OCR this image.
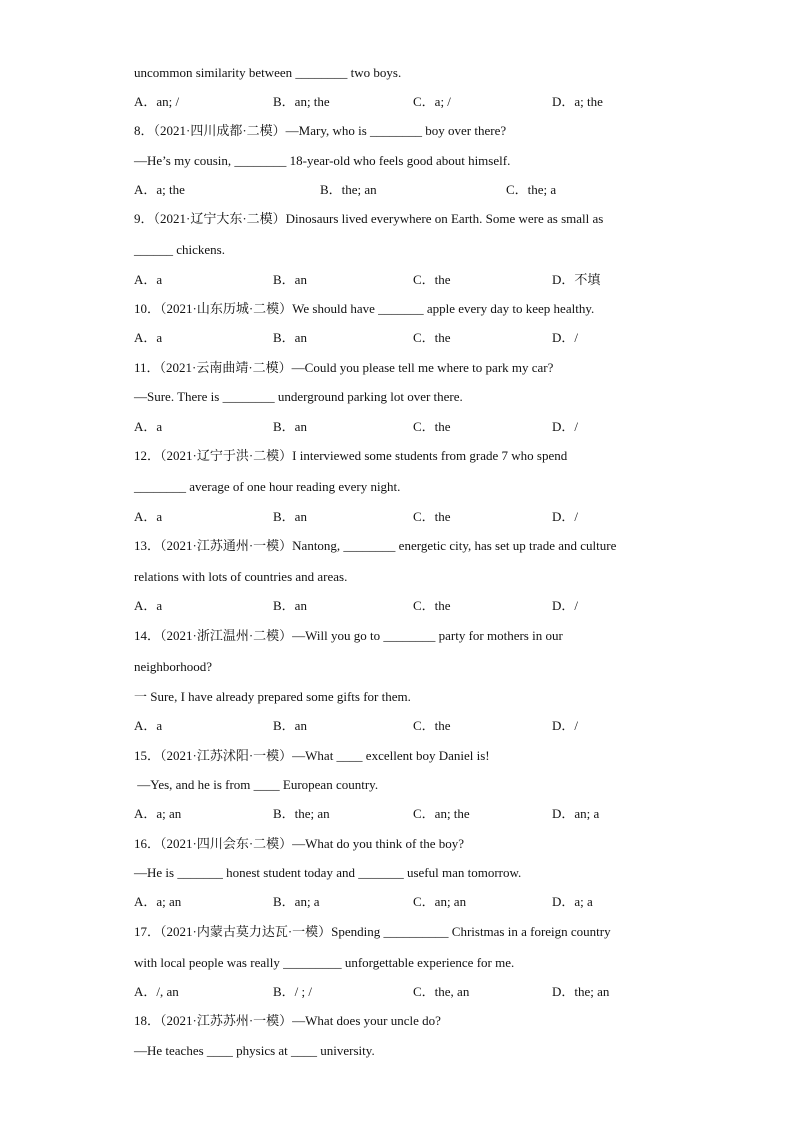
uncommon similarity between ________ two boys.
A．an; /	B．an; the	C．a; /	D．a; the
8．（2021·四川成都·二模）—Mary, who is ________ boy over there?
—He’s my cousin, ________ 18-year-old who feels good about himself.
A．a; the	B．the; an	C．the; a
9．（2021·辽宁大东·二模）Dinosaurs lived everywhere on Earth. Some were as small as
______ chickens.
A．a	B．an	C．the	D．不填
10．（2021·山东历城·二模）We should have _______ apple every day to keep healthy.
A．a	B．an	C．the	D．/
11．（2021·云南曲靖·二模）—Could you please tell me where to park my car?
—Sure. There is ________ underground parking lot over there.
A．a	B．an	C．the	D．/
12．（2021·辽宁于洪·二模）I interviewed some students from grade 7 who spend
________ average of one hour reading every night.
A．a	B．an	C．the	D．/
13．（2021·江苏通州·一模）Nantong, ________ energetic city, has set up trade and culture
relations with lots of countries and areas.
A．a	B．an	C．the	D．/
14．（2021·浙江温州·二模）—Will you go to ________ party for mothers in our
neighborhood?
一 Sure, I have already prepared some gifts for them.
A．a	B．an	C．the	D．/
15．（2021·江苏沭阳·一模）—What ____ excellent boy Daniel is!
—Yes, and he is from ____ European country.
A．a; an	B．the; an	C．an; the	D．an; a
16．（2021·四川会东·二模）—What do you think of the boy?
—He is _______ honest student today and _______ useful man tomorrow.
A．a; an	B．an; a	C．an; an	D．a; a
17．（2021·内蒙古莫力达瓦·一模）Spending __________ Christmas in a foreign country
with local people was really _________ unforgettable experience for me.
A．/, an	B．/ ; /	C．the, an	D．the; an
18．（2021·江苏苏州·一模）—What does your uncle do?
—He teaches ____ physics at ____ university.
